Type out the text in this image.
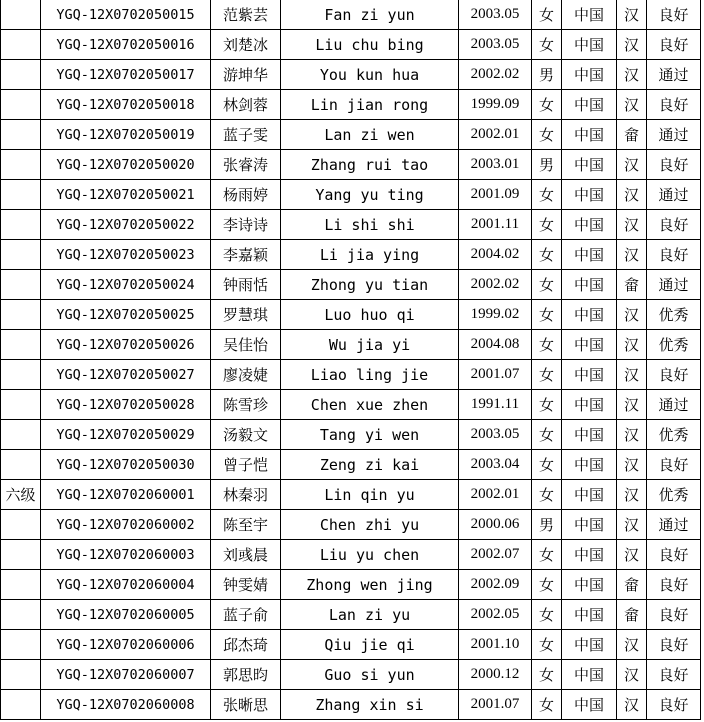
	YGQ-12X0702050015	范紫芸	Fan zi yun	2003.05	女	中国	汉	良好
	YGQ-12X0702050016	刘楚冰	Liu chu bing	2003.05	女	中国	汉	良好
	YGQ-12X0702050017	游坤华	You kun hua	2002.02	男	中国	汉	通过
	YGQ-12X0702050018	林剑蓉	Lin jian rong	1999.09	女	中国	汉	良好
	YGQ-12X0702050019	蓝子雯	Lan zi wen	2002.01	女	中国	畲	通过
	YGQ-12X0702050020	张睿涛	Zhang rui tao	2003.01	男	中国	汉	良好
	YGQ-12X0702050021	杨雨婷	Yang yu ting	2001.09	女	中国	汉	通过
	YGQ-12X0702050022	李诗诗	Li shi shi	2001.11	女	中国	汉	良好
	YGQ-12X0702050023	李嘉颖	Li jia ying	2004.02	女	中国	汉	良好
	YGQ-12X0702050024	钟雨恬	Zhong yu tian	2002.02	女	中国	畲	通过
	YGQ-12X0702050025	罗慧琪	Luo huo qi	1999.02	女	中国	汉	优秀
	YGQ-12X0702050026	吴佳怡	Wu jia yi	2004.08	女	中国	汉	优秀
	YGQ-12X0702050027	廖凌婕	Liao ling jie	2001.07	女	中国	汉	良好
	YGQ-12X0702050028	陈雪珍	Chen xue zhen	1991.11	女	中国	汉	通过
	YGQ-12X0702050029	汤毅文	Tang yi wen	2003.05	女	中国	汉	优秀
	YGQ-12X0702050030	曾子恺	Zeng zi kai	2003.04	女	中国	汉	良好
六级	YGQ-12X0702060001	林秦羽	Lin qin yu	2002.01	女	中国	汉	优秀
	YGQ-12X0702060002	陈至宇	Chen zhi yu	2000.06	男	中国	汉	通过
	YGQ-12X0702060003	刘彧晨	Liu yu chen	2002.07	女	中国	汉	良好
	YGQ-12X0702060004	钟雯婧	Zhong wen jing	2002.09	女	中国	畲	良好
	YGQ-12X0702060005	蓝子俞	Lan zi yu	2002.05	女	中国	畲	良好
	YGQ-12X0702060006	邱杰琦	Qiu jie qi	2001.10	女	中国	汉	良好
	YGQ-12X0702060007	郭思昀	Guo si yun	2000.12	女	中国	汉	良好
	YGQ-12X0702060008	张晰思	Zhang xin si	2001.07	女	中国	汉	良好
